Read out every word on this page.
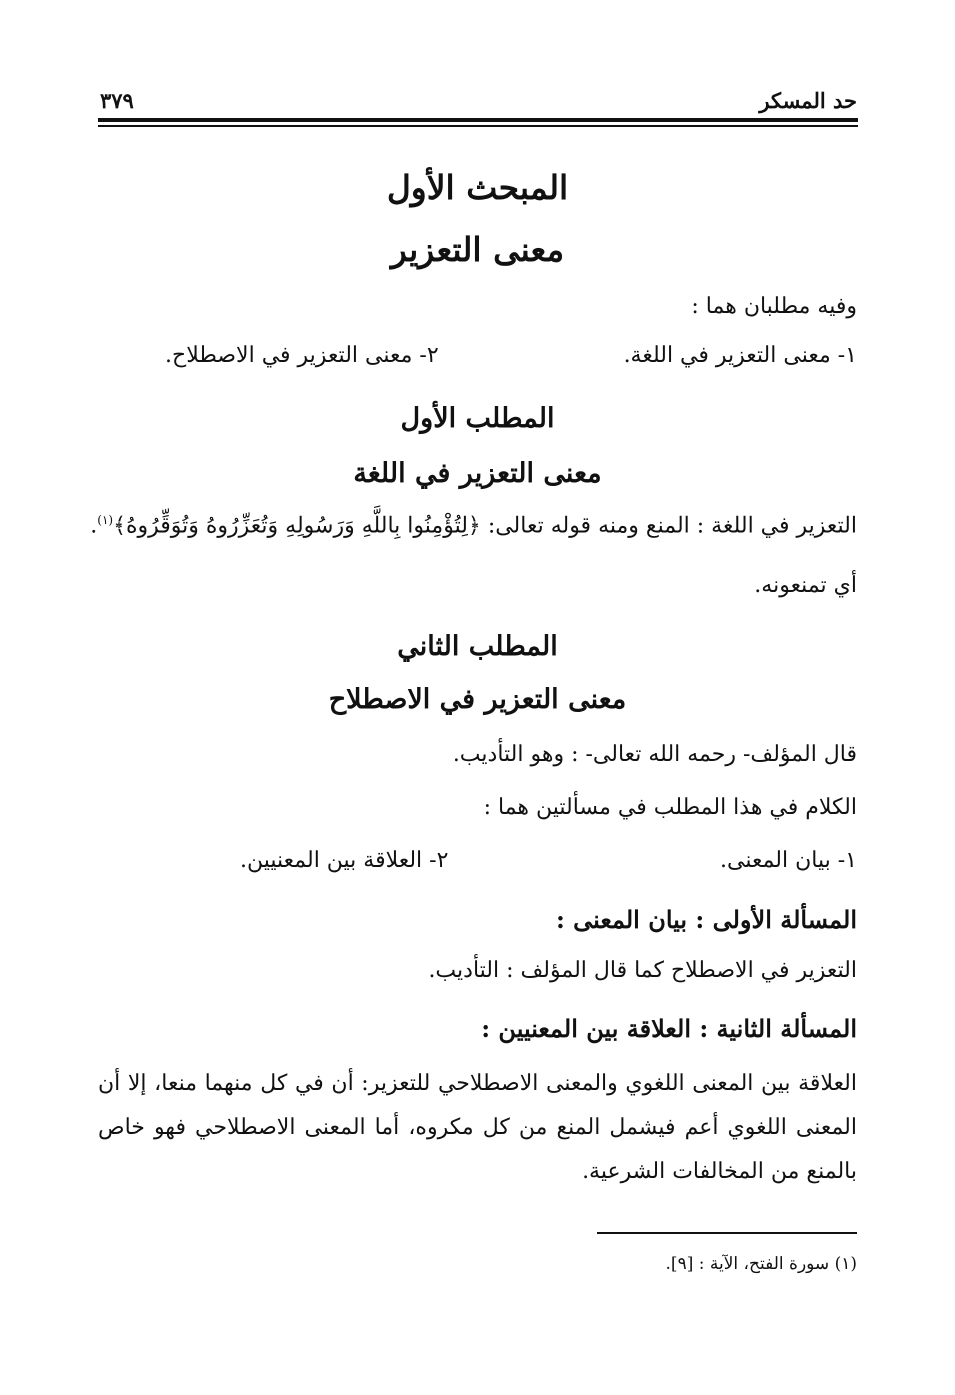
حد المسكر
٣٧٩
المبحث الأول
معنى التعزير
وفيه مطلبان هما :
١- معنى التعزير في اللغة.
٢- معنى التعزير في الاصطلاح.
المطلب الأول
معنى التعزير في اللغة
التعزير في اللغة : المنع ومنه قوله تعالى: ﴿لِتُؤْمِنُوا بِاللَّهِ وَرَسُولِهِ وَتُعَزِّرُوهُ وَتُوَقِّرُوهُ﴾$^{(١)}$.
أي تمنعونه.
المطلب الثاني
معنى التعزير في الاصطلاح
قال المؤلف- رحمه الله تعالى- : وهو التأديب.
الكلام في هذا المطلب في مسألتين هما :
١- بيان المعنى.
٢- العلاقة بين المعنيين.
المسألة الأولى : بيان المعنى :
التعزير في الاصطلاح كما قال المؤلف : التأديب.
المسألة الثانية : العلاقة بين المعنيين :
العلاقة بين المعنى اللغوي والمعنى الاصطلاحي للتعزير: أن في كل منهما منعا، إلا أن المعنى اللغوي أعم فيشمل المنع من كل مكروه، أما المعنى الاصطلاحي فهو خاص بالمنع من المخالفات الشرعية.
(١) سورة الفتح، الآية : [٩].
